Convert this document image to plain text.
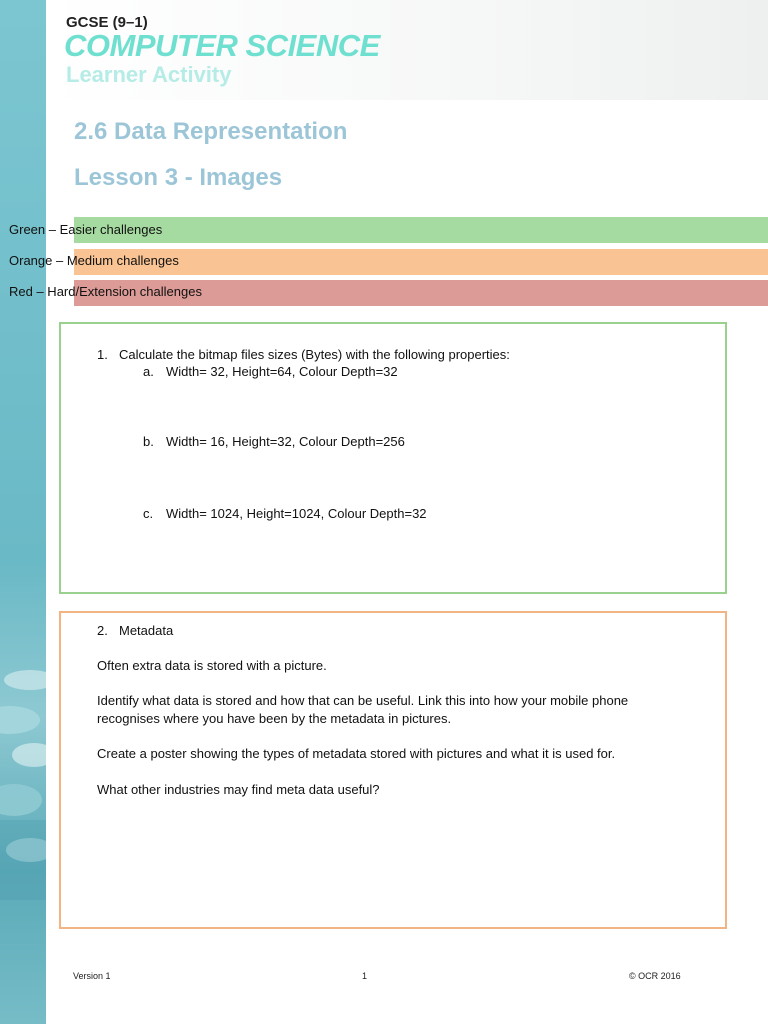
GCSE (9–1)
COMPUTER SCIENCE
Learner Activity
2.6 Data Representation
Lesson 3 - Images
Green – Easier challenges
Orange – Medium challenges
Red – Hard/Extension challenges
1. Calculate the bitmap files sizes (Bytes) with the following properties:
a. Width= 32, Height=64, Colour Depth=32
b. Width= 16, Height=32, Colour Depth=256
c. Width= 1024, Height=1024, Colour Depth=32
2. Metadata
Often extra data is stored with a picture.
Identify what data is stored and how that can be useful. Link this into how your mobile phone
recognises where you have been by the metadata in pictures.
Create a poster showing the types of metadata stored with pictures and what it is used for.
What other industries may find meta data useful?
Version 1	1	© OCR 2016
